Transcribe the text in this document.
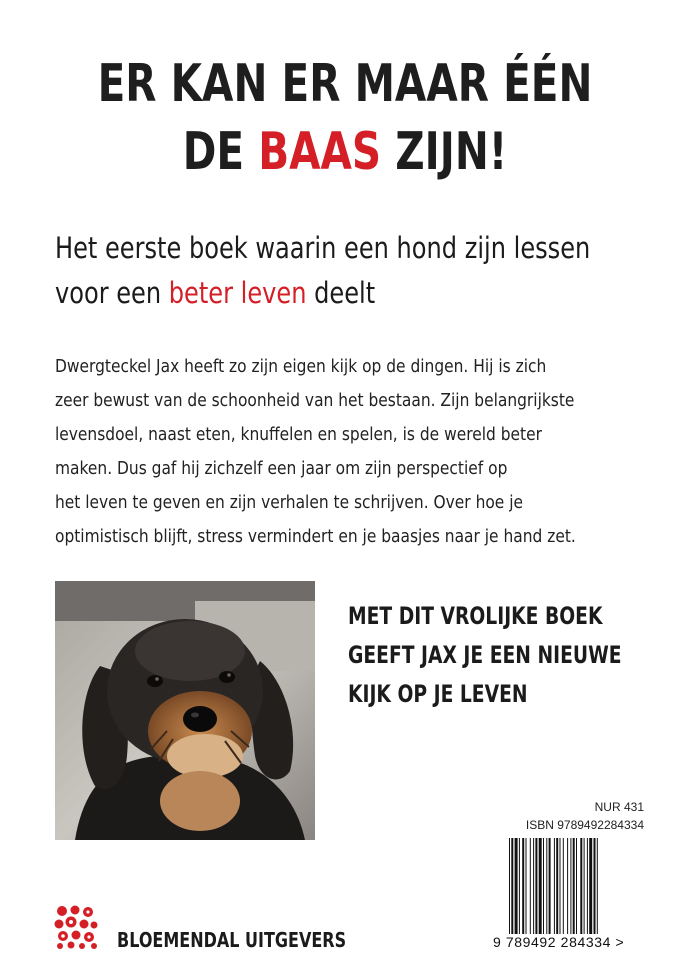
ER KAN ER MAAR ÉÉN
DE BAAS ZIJN!
Het eerste boek waarin een hond zijn lessen
voor een beter leven deelt
Dwergteckel Jax heeft zo zijn eigen kijk op de dingen. Hij is zich
zeer bewust van de schoonheid van het bestaan. Zijn belangrijkste
levensdoel, naast eten, knuffelen en spelen, is de wereld beter
maken. Dus gaf hij zichzelf een jaar om zijn perspectief op
het leven te geven en zijn verhalen te schrijven. Over hoe je
optimistisch blijft, stress vermindert en je baasjes naar je hand zet.
MET DIT VROLIJKE BOEK
GEEFT JAX JE EEN NIEUWE
KIJK OP JE LEVEN
NUR 431
ISBN 9789492284334
9 789492 284334 >
BLOEMENDAL UITGEVERS
